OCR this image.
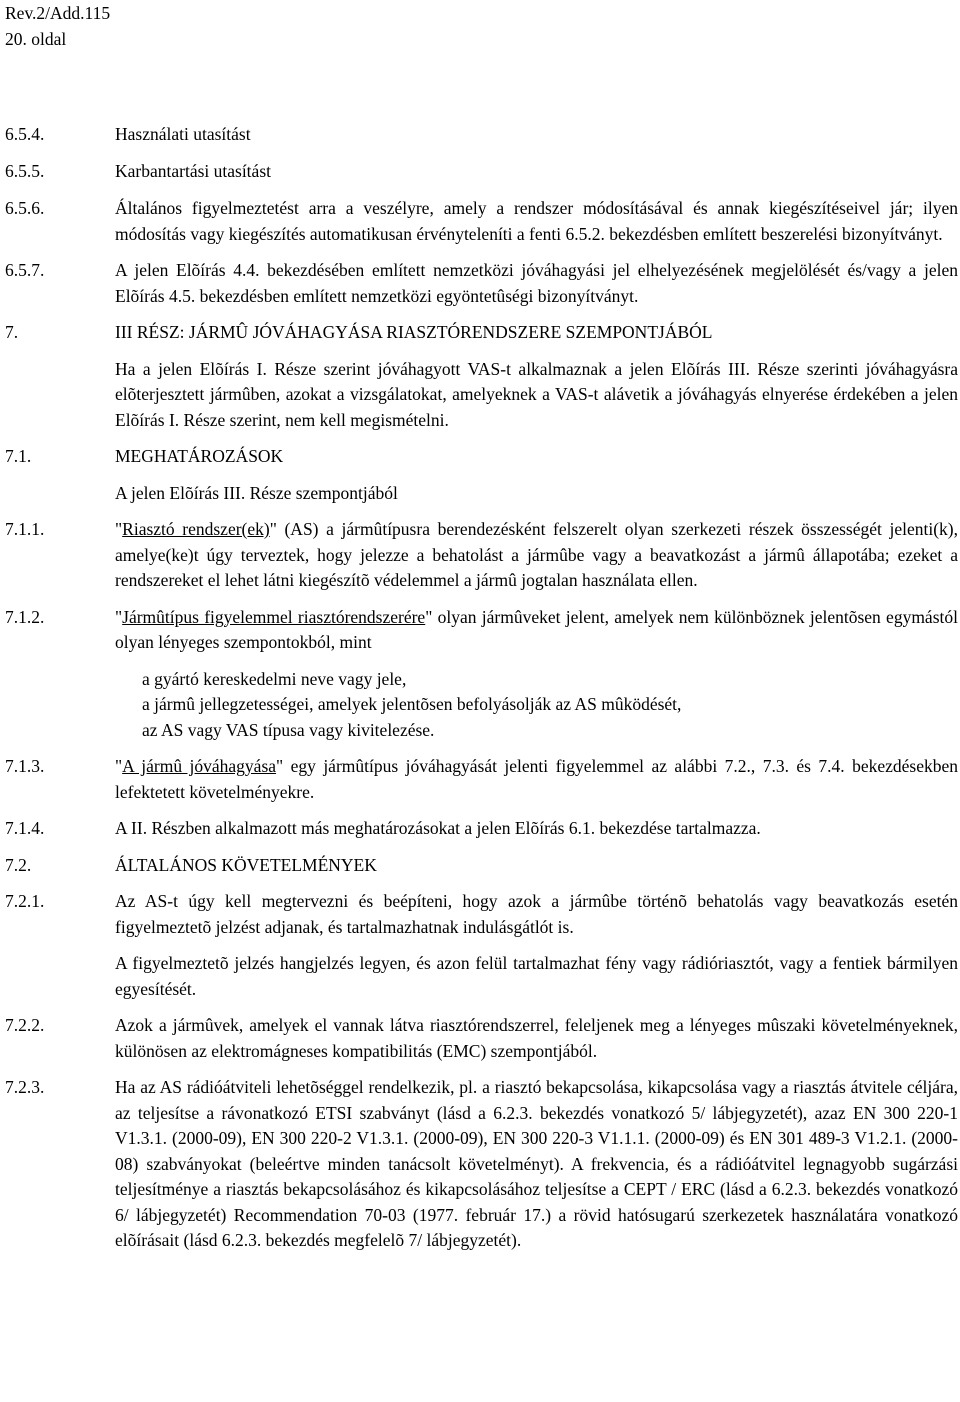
Rev.2/Add.115
20. oldal
6.5.4.	Használati utasítást
6.5.5.	Karbantartási utasítást
6.5.6.	Általános figyelmeztetést arra a veszélyre, amely a rendszer módosításával és annak kiegészítéseivel jár; ilyen módosítás vagy kiegészítés automatikusan érvényteleníti a fenti 6.5.2. bekezdésben említett beszerelési bizonyítványt.
6.5.7.	A jelen Elõírás 4.4. bekezdésében említett nemzetközi jóváhagyási jel elhelyezésének megjelölését és/vagy a jelen Elõírás 4.5. bekezdésben említett nemzetközi egyöntetûségi bizonyítványt.
7.	III RÉSZ: JÁRMÛ JÓVÁHAGYÁSA RIASZTÓRENDSZERE SZEMPONTJÁBÓL
Ha a jelen Elõírás I. Része szerint jóváhagyott VAS-t alkalmaznak a jelen Elõírás III. Része szerinti jóváhagyásra elõterjesztett jármûben, azokat a vizsgálatokat, amelyeknek a VAS-t alávetik a jóváhagyás elnyerése érdekében a jelen Elõírás I. Része szerint, nem kell megismételni.
7.1.	MEGHATÁROZÁSOK
A jelen Elõírás III. Része szempontjából
7.1.1.	"Riasztó rendszer(ek)" (AS) a jármûtípusra berendezésként felszerelt olyan szerkezeti részek összességét jelenti(k), amelye(ke)t úgy terveztek, hogy jelezze a behatolást a jármûbe vagy a beavatkozást a jármû állapotába; ezeket a rendszereket el lehet látni kiegészítõ védelemmel a jármû jogtalan használata ellen.
7.1.2.	"Jármûtípus figyelemmel riasztórendszerére" olyan jármûveket jelent, amelyek nem különböznek jelentõsen egymástól olyan lényeges szempontokból, mint
a gyártó kereskedelmi neve vagy jele,
a jármû jellegzetességei, amelyek jelentõsen befolyásolják az AS mûködését,
az AS vagy VAS típusa vagy kivitelezése.
7.1.3.	"A jármû jóváhagyása" egy jármûtípus jóváhagyását jelenti figyelemmel az alábbi 7.2., 7.3. és 7.4. bekezdésekben lefektetett követelményekre.
7.1.4.	A II. Részben alkalmazott más meghatározásokat a jelen Elõírás 6.1. bekezdése tartalmazza.
7.2.	ÁLTALÁNOS KÖVETELMÉNYEK
7.2.1.	Az AS-t úgy kell megtervezni és beépíteni, hogy azok a jármûbe történõ behatolás vagy beavatkozás esetén figyelmeztetõ jelzést adjanak, és tartalmazhatnak indulásgátlót is.
A figyelmeztetõ jelzés hangjelzés legyen, és azon felül tartalmazhat fény vagy rádióriasztót, vagy a fentiek bármilyen egyesítését.
7.2.2.	Azok a jármûvek, amelyek el vannak látva riasztórendszerrel, feleljenek meg a lényeges mûszaki követelményeknek, különösen az elektromágneses kompatibilitás (EMC) szempontjából.
7.2.3.	Ha az AS rádióátviteli lehetõséggel rendelkezik, pl. a riasztó bekapcsolása, kikapcsolása vagy a riasztás átvitele céljára, az teljesítse a rávonatkozó ETSI szabványt (lásd a 6.2.3. bekezdés vonatkozó 5/ lábjegyzetét), azaz EN 300 220-1 V1.3.1. (2000-09), EN 300 220-2 V1.3.1. (2000-09), EN 300 220-3 V1.1.1. (2000-09) és EN 301 489-3 V1.2.1. (2000-08) szabványokat (beleértve minden tanácsolt követelményt). A frekvencia, és a rádióátvitel legnagyobb sugárzási teljesítménye a riasztás bekapcsolásához és kikapcsolásához teljesítse a CEPT / ERC (lásd a 6.2.3. bekezdés vonatkozó 6/ lábjegyzetét) Recommendation 70-03 (1977. február 17.) a rövid hatósugarú szerkezetek használatára vonatkozó elõírásait (lásd 6.2.3. bekezdés megfelelõ 7/ lábjegyzetét).
